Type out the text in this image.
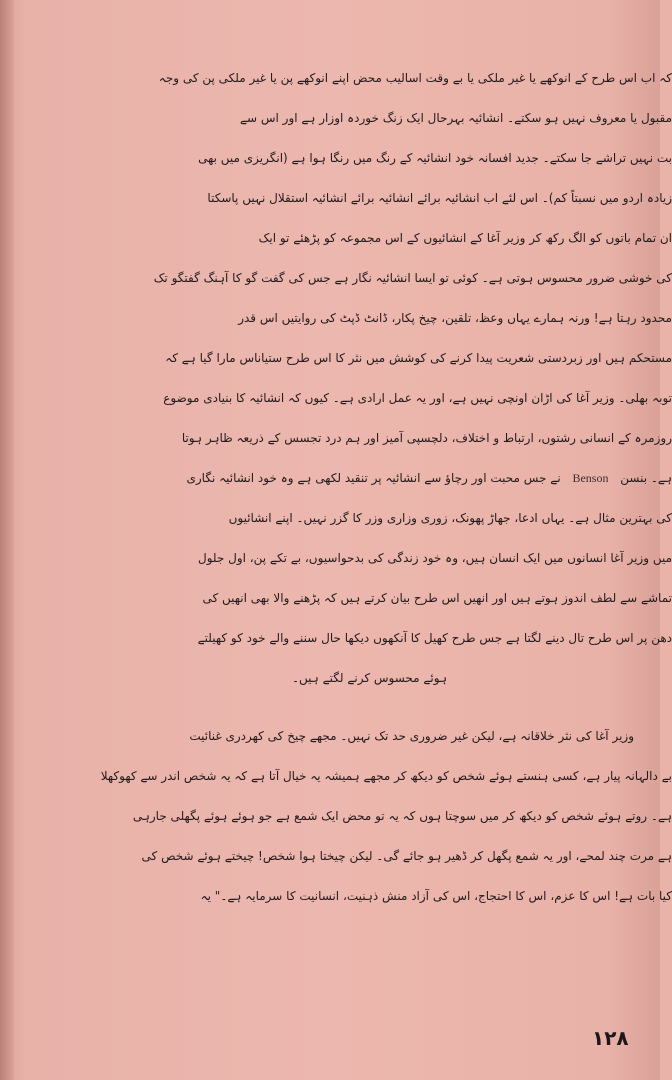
کہ اب اس طرح کے انوکھے یا غیر ملکی یا بے وقت اسالیب محض اپنے انوکھے پن یا غیر ملکی پن کی وجہ
مقبول یا معروف نہیں ہو سکتے۔ انشائیہ بہرحال ایک زنگ خوردہ اوزار ہے اور اس سے
بت نہیں تراشے جا سکتے۔ جدید افسانہ خود انشائیہ کے رنگ میں رنگا ہوا ہے (انگریزی میں بھی
زیادہ اردو میں نسبتاً کم)۔ اس لئے اب انشائیہ برائے انشائیہ برائے انشائیہ استقلال نہیں پاسکتا
ان تمام باتوں کو الگ رکھ کر وزیر آغا کے انشائیوں کے اس مجموعہ کو پڑھئے تو ایک
کی خوشی ضرور محسوس ہوتی ہے۔ کوئی تو ایسا انشائیہ نگار ہے جس کی گفت گو کا آہنگ گفتگو تک
محدود رہتا ہے! ورنہ ہمارے یہاں وعظ، تلقین، چیخ پکار، ڈانٹ ڈپٹ کی روایتیں اس قدر
مستحکم ہیں اور زبردستی شعریت پیدا کرنے کی کوشش میں نثر کا اس طرح ستیاناس مارا گیا ہے کہ
توبہ بھلی۔ وزیر آغا کی اڑان اونچی نہیں ہے، اور یہ عمل ارادی ہے۔ کیوں کہ انشائیہ کا بنیادی موضوع
روزمرہ کے انسانی رشتوں، ارتباط و اختلاف، دلچسپی آمیز اور ہم درد تجسس کے ذریعہ ظاہر ہوتا
ہے۔ بنسن Benson نے جس محبت اور رچاؤ سے انشائیہ پر تنقید لکھی ہے وہ خود انشائیہ نگاری
کی بہترین مثال ہے۔ یہاں ادعا، جھاڑ پھونک، زوری وزاری وزر کا گزر نہیں۔ اپنے انشائیوں
میں وزیر آغا انسانوں میں ایک انسان ہیں، وہ خود زندگی کی بدحواسیوں، بے تکے پن، اول جلول
تماشے سے لطف اندوز ہوتے ہیں اور انھیں اس طرح بیان کرتے ہیں کہ پڑھنے والا بھی انھیں کی
دھن پر اس طرح تال دینے لگتا ہے جس طرح کھیل کا آنکھوں دیکھا حال سننے والے خود کو کھیلتے
ہوئے محسوس کرنے لگتے ہیں۔
وزیر آغا کی نثر خلاقانہ ہے، لیکن غیر ضروری حد تک نہیں۔ مجھے چیخ کی کھردری غنائیت
بے دالہانہ پیار ہے، کسی ہنستے ہوئے شخص کو دیکھ کر مجھے ہمیشہ یہ خیال آتا ہے کہ یہ شخص اندر سے کھوکھلا
ہے۔ روتے ہوئے شخص کو دیکھ کر میں سوچتا ہوں کہ یہ تو محض ایک شمع ہے جو ہوئے ہوئے پگھلی جارہی
ہے مرت چند لمحے، اور یہ شمع پگھل کر ڈھیر ہو جائے گی۔ لیکن چیختا ہوا شخص! چیختے ہوئے شخص کی
کیا بات ہے! اس کا عزم، اس کا احتجاج، اس کی آزاد منش ذہنیت، انسانیت کا سرمایہ ہے۔" یہ
۱۲۸
